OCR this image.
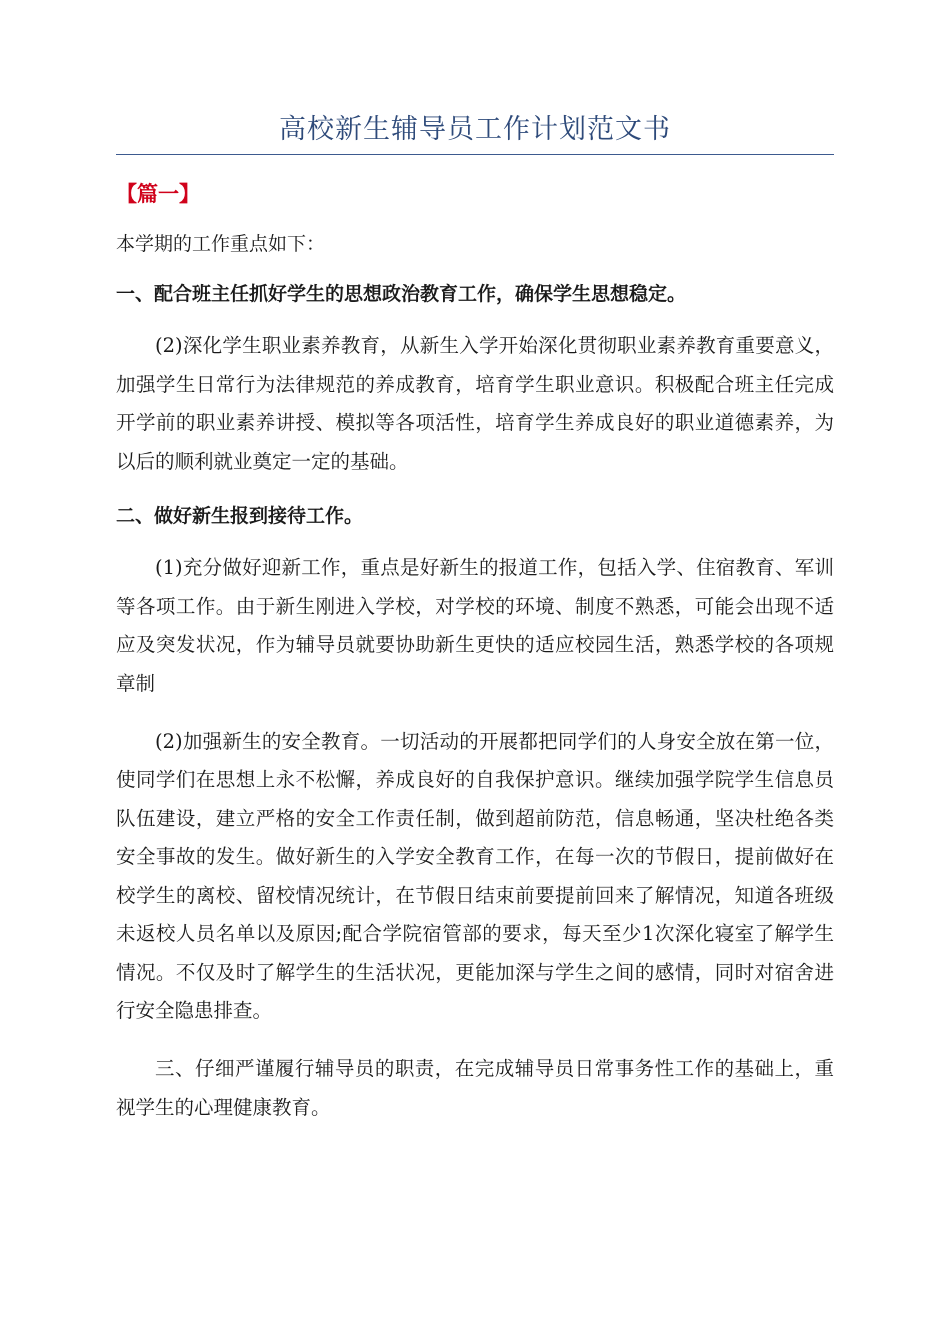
高校新生辅导员工作计划范文书
【篇一】
本学期的工作重点如下：
一、配合班主任抓好学生的思想政治教育工作，确保学生思想稳定。

(2)深化学生职业素养教育，从新生入学开始深化贯彻职业素养教育重要意义，加强学生日常行为法律规范的养成教育，培育学生职业意识。积极配合班主任完成开学前的职业素养讲授、模拟等各项活性，培育学生养成良好的职业道德素养，为以后的顺利就业奠定一定的基础。

二、做好新生报到接待工作。

(1)充分做好迎新工作，重点是好新生的报道工作，包括入学、住宿教育、军训等各项工作。由于新生刚进入学校，对学校的环境、制度不熟悉，可能会出现不适应及突发状况，作为辅导员就要协助新生更快的适应校园生活，熟悉学校的各项规章制

(2)加强新生的安全教育。一切活动的开展都把同学们的人身安全放在第一位，使同学们在思想上永不松懈，养成良好的自我保护意识。继续加强学院学生信息员队伍建设，建立严格的安全工作责任制，做到超前防范，信息畅通，坚决杜绝各类安全事故的发生。做好新生的入学安全教育工作，在每一次的节假日，提前做好在校学生的离校、留校情况统计，在节假日结束前要提前回来了解情况，知道各班级未返校人员名单以及原因;配合学院宿管部的要求，每天至少1次深化寝室了解学生情况。不仅及时了解学生的生活状况，更能加深与学生之间的感情，同时对宿舍进行安全隐患排查。

三、仔细严谨履行辅导员的职责，在完成辅导员日常事务性工作的基础上，重视学生的心理健康教育。
